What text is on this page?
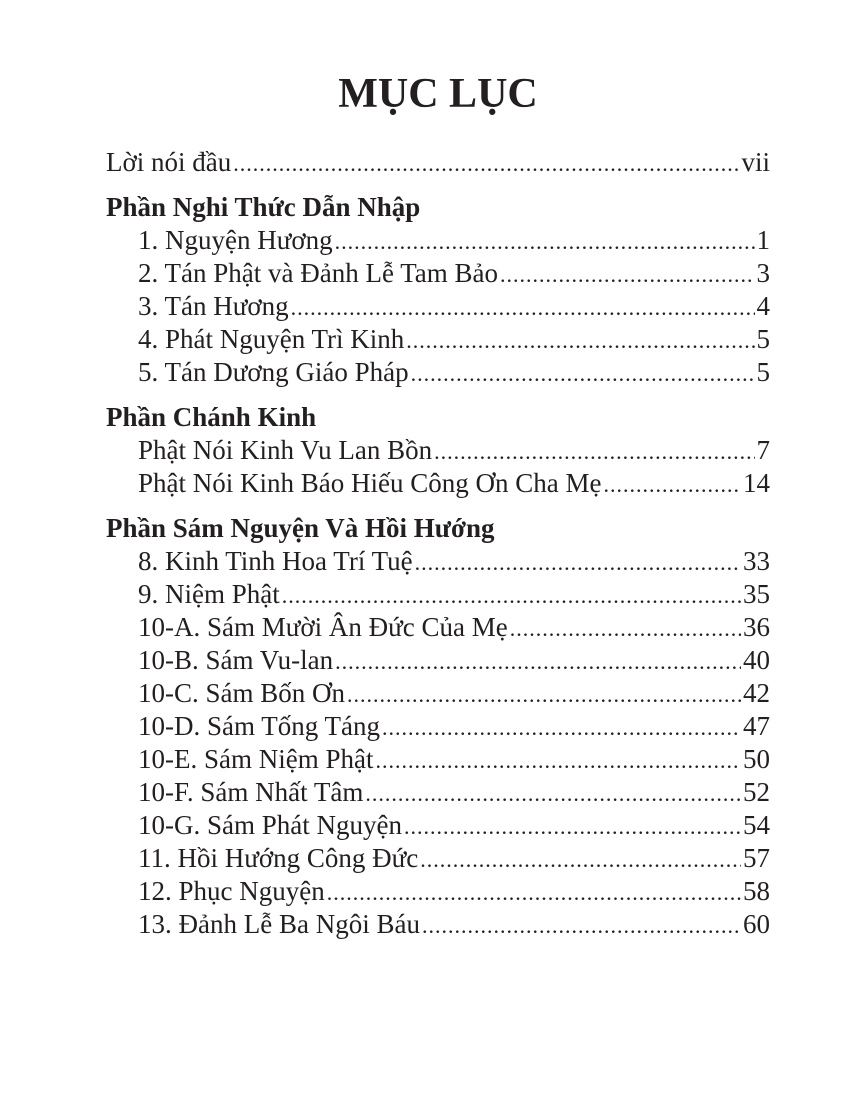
MỤC LỤC
Lời nói đầu .....	vii
Phần Nghi Thức Dẫn Nhập
1. Nguyện Hương .....	1
2. Tán Phật và Đảnh Lễ Tam Bảo .....	3
3. Tán Hương .....	4
4. Phát Nguyện Trì Kinh .....	5
5. Tán Dương Giáo Pháp .....	5
Phần Chánh Kinh
Phật Nói Kinh Vu Lan Bồn .....	7
Phật Nói Kinh Báo Hiếu Công Ơn Cha Mẹ .....	14
Phần Sám Nguyện Và Hồi Hướng
8. Kinh Tinh Hoa Trí Tuệ .....	33
9. Niệm Phật .....	35
10-A. Sám Mười Ân Đức Của Mẹ .....	36
10-B. Sám Vu-lan .....	40
10-C. Sám Bốn Ơn .....	42
10-D. Sám Tống Táng .....	47
10-E. Sám Niệm Phật .....	50
10-F. Sám Nhất Tâm .....	52
10-G. Sám Phát Nguyện .....	54
11. Hồi Hướng Công Đức .....	57
12. Phục Nguyện .....	58
13. Đảnh Lễ Ba Ngôi Báu .....	60
